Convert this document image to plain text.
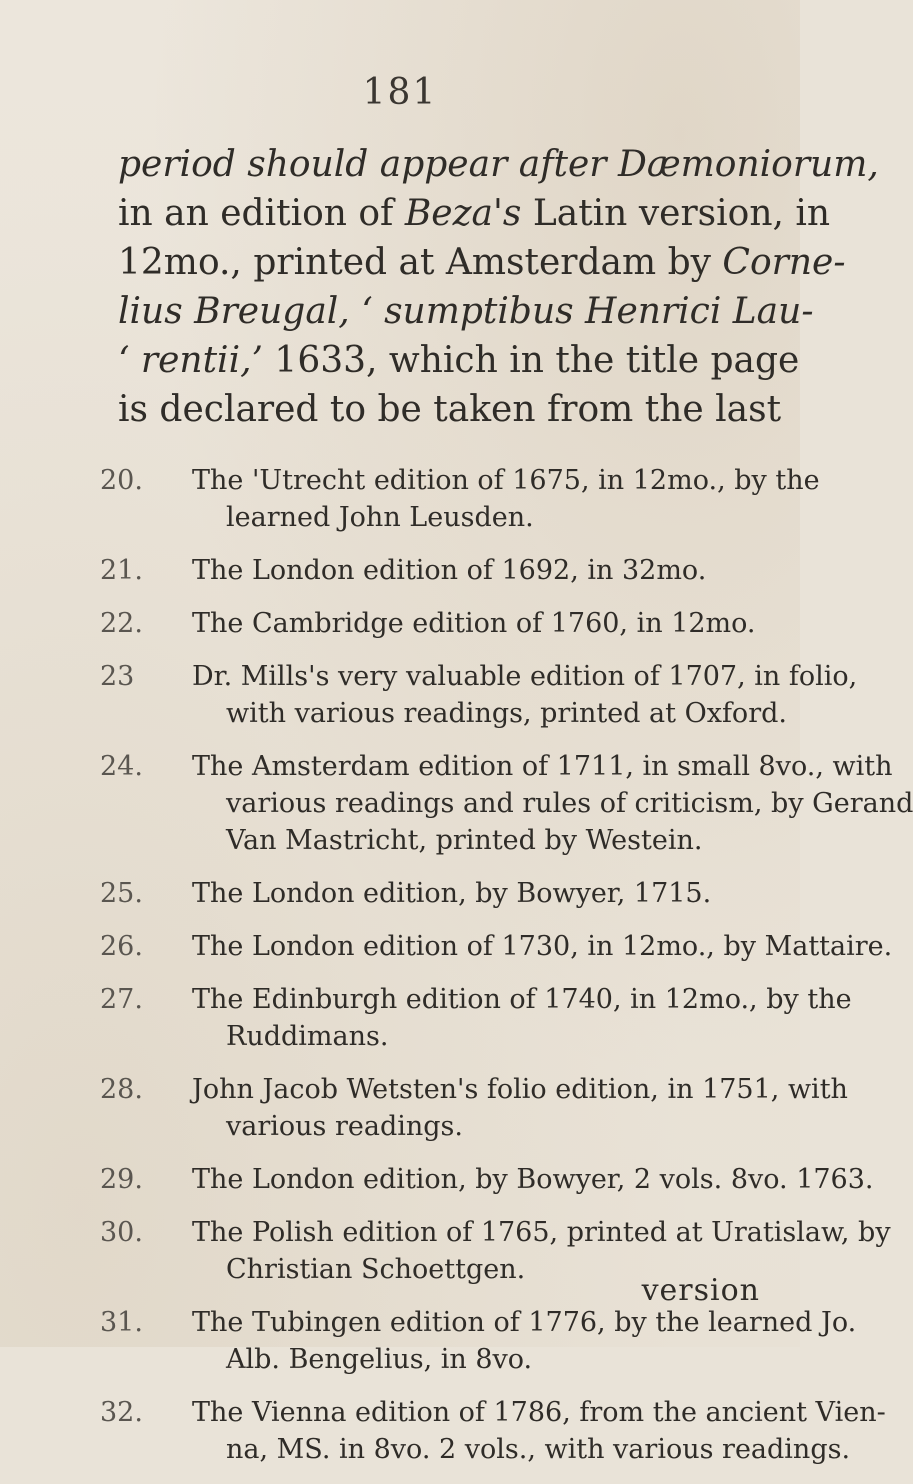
181

period should appear after Dæmoniorum,
in an edition of Beza's Latin version, in
12mo., printed at Amsterdam by Corne-
lius Breugal, ‘ sumptibus Henrici Lau-
‘ rentii,’ 1633, which in the title page
is declared to be taken from the last

20. The 'Utrecht edition of 1675, in 12mo., by the
learned John Leusden.
21. The London edition of 1692, in 32mo.
22. The Cambridge edition of 1760, in 12mo.
23 Dr. Mills's very valuable edition of 1707, in folio,
with various readings, printed at Oxford.
24. The Amsterdam edition of 1711, in small 8vo., with
various readings and rules of criticism, by Gerand
Van Mastricht, printed by Westein.
25. The London edition, by Bowyer, 1715.
26. The London edition of 1730, in 12mo., by Mattaire.
27. The Edinburgh edition of 1740, in 12mo., by the
Ruddimans.
28. John Jacob Wetsten's folio edition, in 1751, with
various readings.
29. The London edition, by Bowyer, 2 vols. 8vo. 1763.
30. The Polish edition of 1765, printed at Uratislaw, by
Christian Schoettgen.
31. The Tubingen edition of 1776, by the learned Jo.
Alb. Bengelius, in 8vo.
32. The Vienna edition of 1786, from the ancient Vien-
na, MS. in 8vo. 2 vols., with various readings.
version
